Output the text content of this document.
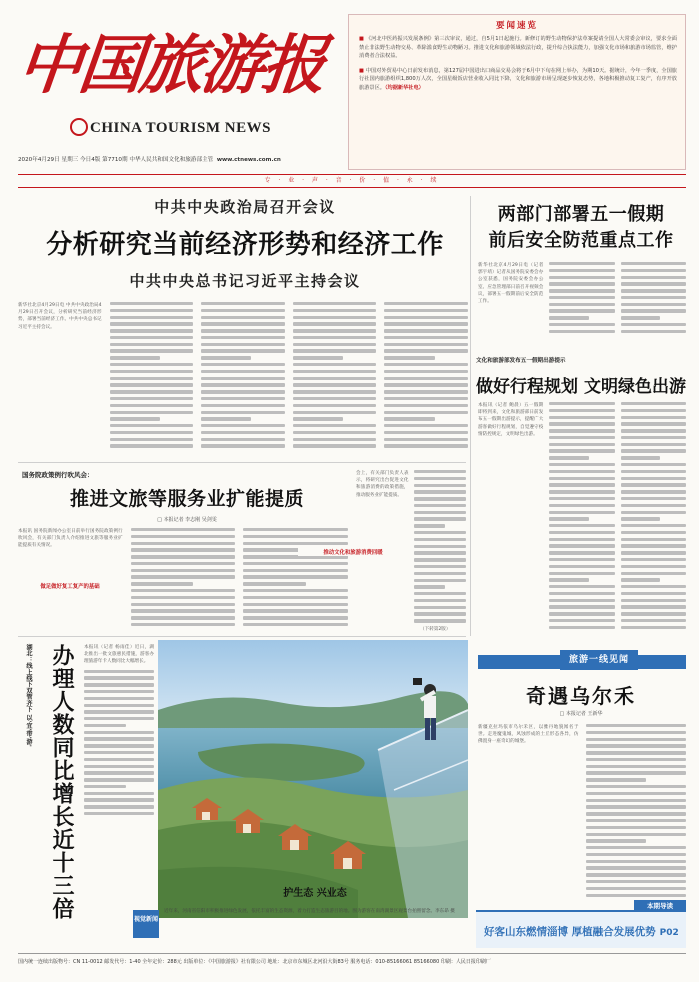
中国旅游报
CHINA TOURISM NEWS
2020年4月29日 星期三 今日4版 第7710期 中华人民共和国文化和旅游部主管 www.ctnews.com.cn
要闻速览
■ 《河北中医药振兴发展条例》第三次审议，通过，自5月1日起施行。新修订的野生动物保护法草案提请全国人大常委会审议，要求全面禁止非法野生动物交易、革除滥食野生动物陋习。推进文化和旅游领域依法行政，提升综合执法能力，加强文化市场和旅游市场监管，维护消费者合法权益。
■ 中国对外贸易中心日前发布消息，第127届中国进出口商品交易会将于6月中下旬在网上举办，为期10天。据统计，今年一季度，全国旅行社国内旅游组织1,800万人次，全国星级饭店营业收入同比下降，文化和旅游市场呈现逐步恢复态势，各地积极推动复工复产，有序开放旅游景区。（均据新华社电）
专 · 业 · 声 · 音 · 价 · 值 · 永 · 续
中共中央政治局召开会议
分析研究当前经济形势和经济工作
中共中央总书记习近平主持会议
新华社北京4月29日电 中共中央政治局4月29日召开会议，分析研究当前经济形势，部署当前经济工作。中共中央总书记习近平主持会议。
两部门部署五一假期
前后安全防范重点工作
新华社北京4月29日电（记者 郭宇靖）记者从国务院安委会办公室获悉，国务院安委会办公室、应急管理部日前召开视频会议，部署五一假期前后安全防范工作。
文化和旅游部发布五一假期出游提示
做好行程规划 文明绿色出游
本报讯（记者 鲍晨）五一假期即将到来，文化和旅游部日前发布五一假期出游提示，提醒广大游客做好行程规划，自觉遵守疫情防控规定，文明绿色出游。
国务院政策例行吹风会：
推进文旅等服务业扩能提质
□ 本报记者 李志刚 吴剑雯
本报讯 国务院新闻办公室日前举行国务院政策例行吹风会，有关部门负责人介绍推进文旅等服务业扩能提质有关情况。
做足做好复工复产的基础
会上，有关部门负责人表示，将研究出台促进文化和旅游消费的政策措施，推动服务业扩能提质。
推动文化和旅游消费回暖
（下转第2版）
湖北：线上线下双管齐下 以'宜'带'游' 办理人数同比增长近十三倍 本报讯（记者 杨雨佳）近日，湖北推出一批文旅惠民措施，游客办理旅游年卡人数同比大幅增长。
护生态 兴业态
视觉新闻
近年来，河南省信阳市积极推进绿色发展，依托丰富的生态资源，着力打造生态旅游目的地。图为游客在南湾湖景区观景台拍照留念。李东昂 摄
旅游一线见闻
奇遇乌尔禾
□ 本报记者 王新华
新疆克拉玛依市乌尔禾区，以雅丹地貌闻名于世。走进魔鬼城，风蚀形成的土丘形态各异，仿佛置身一座奇幻的城堡。
本期导读
好客山东燃情淄博 厚植融合发展优势 P02
国内统一连续出版物号：CN 11-0012 邮发代号：1-40 全年定价：288元 出版单位：《中国旅游报》社有限公司 地址：北京市东城区北河沿大街83号 服务电话：010-85166061 85166080 印刷：人民日报印刷厂
